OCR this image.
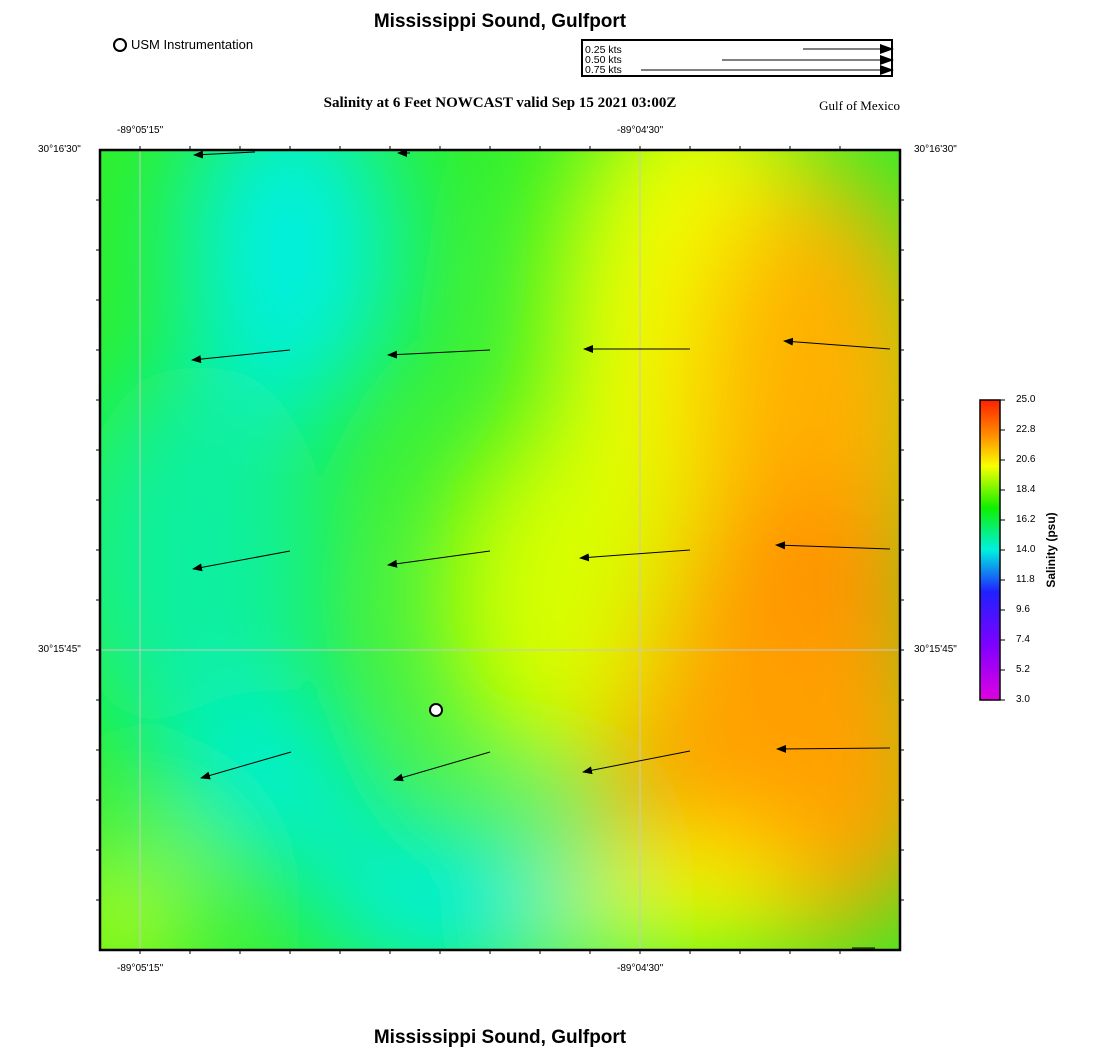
Mississippi Sound, Gulfport
USM Instrumentation	0.25 kts
0.50 kts
0.75 kts
Salinity at 6 Feet NOWCAST valid Sep 15 2021 03:00Z	Gulf of Mexico
-89°05'15"	-89°04'30"
-89°05'15"	-89°04'30"
30°16'30"
30°15'45"
30°16'30"
30°15'45"
25.0
22.8
20.6
18.4
16.2
14.0
11.8
9.6
7.4
5.2
3.0
Salinity (psu)
Mississippi Sound, Gulfport
